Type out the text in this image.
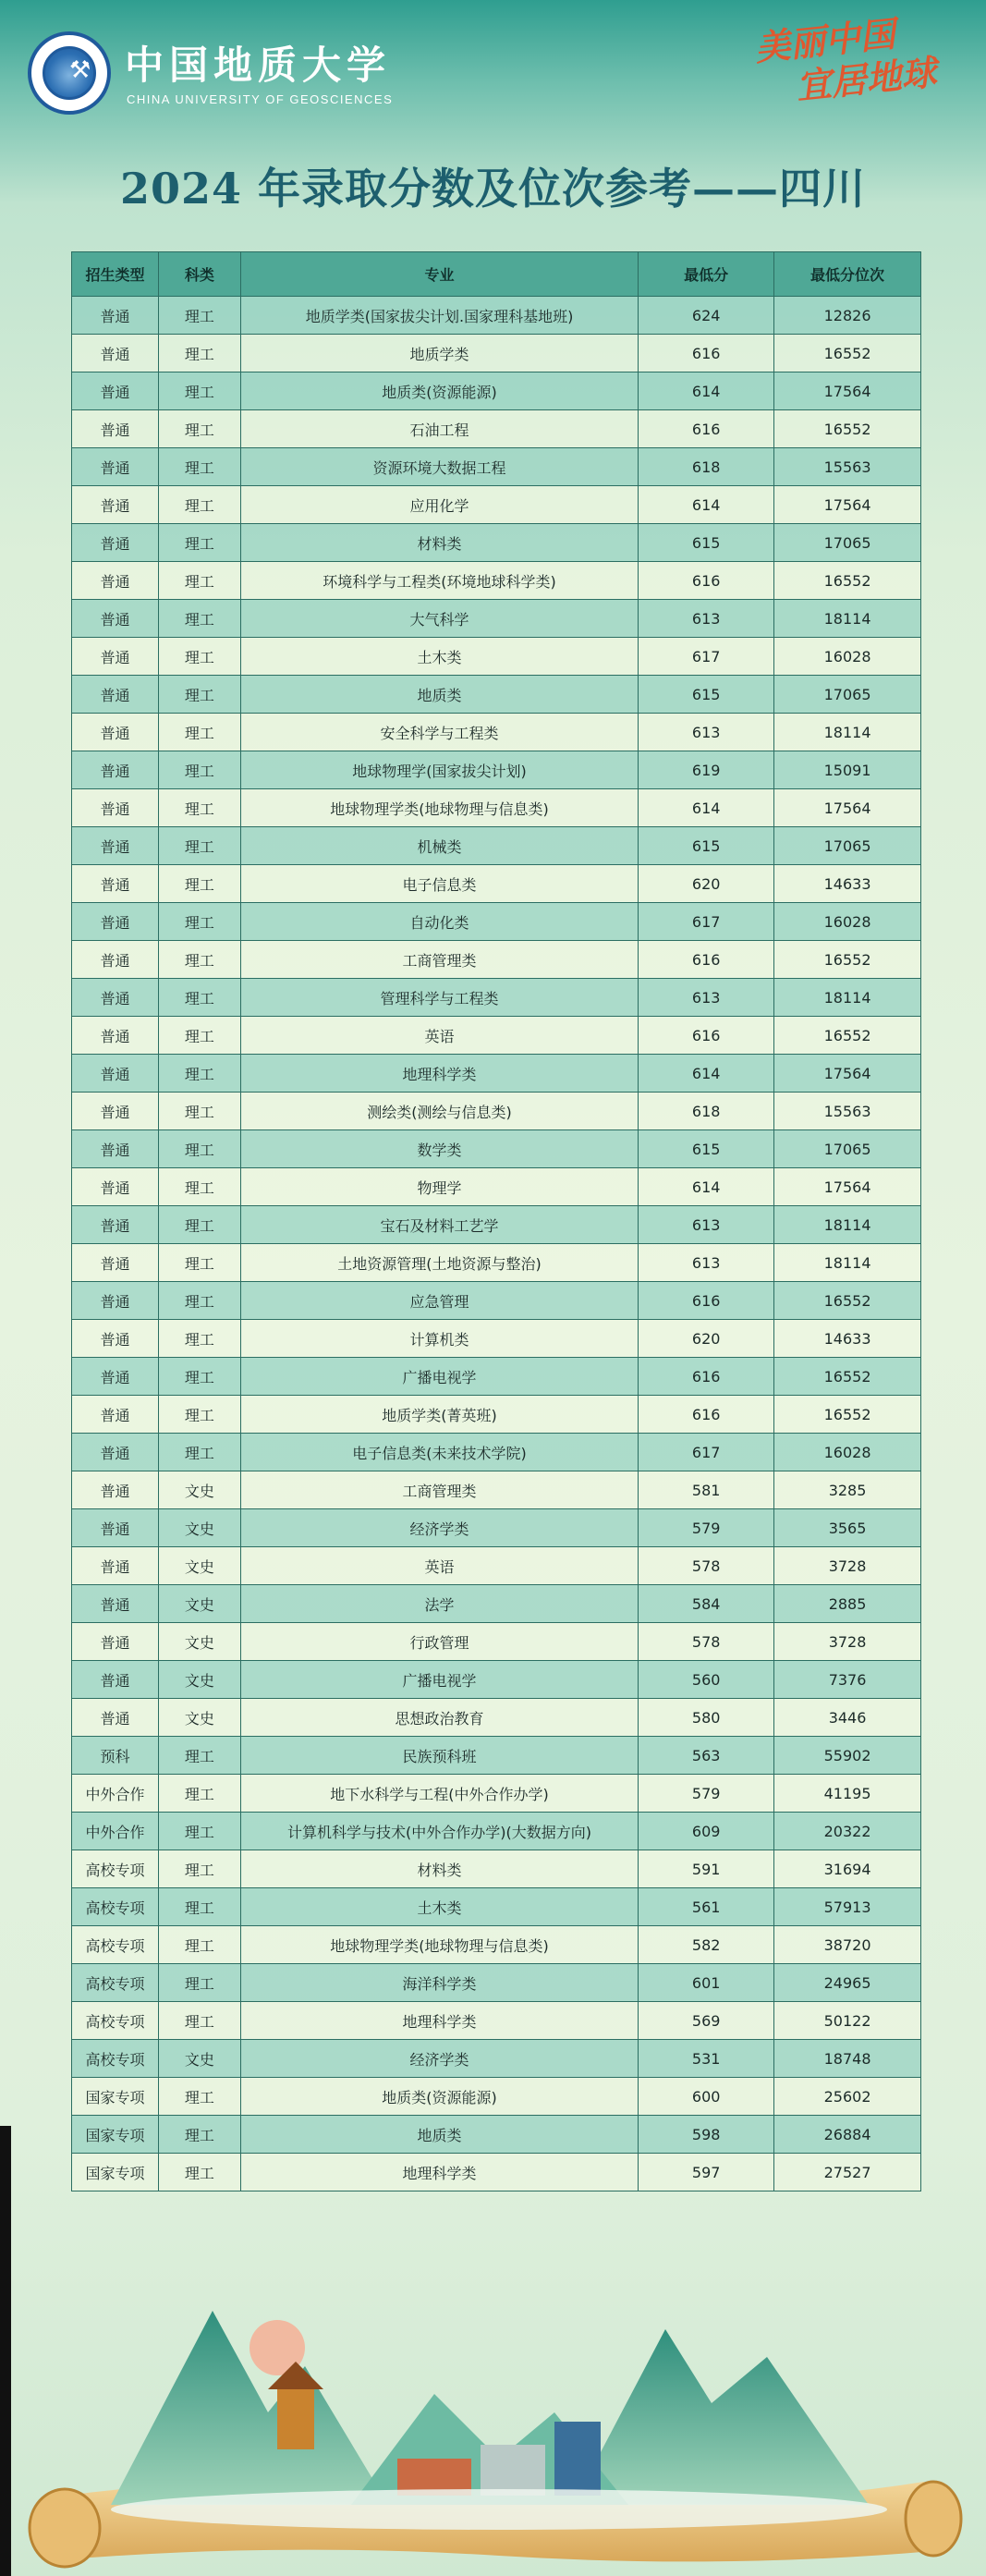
⚒ 中国地质大学
CHINA UNIVERSITY OF GEOSCIENCES
美丽中国
宜居地球
2024 年录取分数及位次参考——四川
招生类型	科类	专业	最低分	最低分位次
普通	理工	地质学类(国家拔尖计划.国家理科基地班)	624	12826
普通	理工	地质学类	616	16552
普通	理工	地质类(资源能源)	614	17564
普通	理工	石油工程	616	16552
普通	理工	资源环境大数据工程	618	15563
普通	理工	应用化学	614	17564
普通	理工	材料类	615	17065
普通	理工	环境科学与工程类(环境地球科学类)	616	16552
普通	理工	大气科学	613	18114
普通	理工	土木类	617	16028
普通	理工	地质类	615	17065
普通	理工	安全科学与工程类	613	18114
普通	理工	地球物理学(国家拔尖计划)	619	15091
普通	理工	地球物理学类(地球物理与信息类)	614	17564
普通	理工	机械类	615	17065
普通	理工	电子信息类	620	14633
普通	理工	自动化类	617	16028
普通	理工	工商管理类	616	16552
普通	理工	管理科学与工程类	613	18114
普通	理工	英语	616	16552
普通	理工	地理科学类	614	17564
普通	理工	测绘类(测绘与信息类)	618	15563
普通	理工	数学类	615	17065
普通	理工	物理学	614	17564
普通	理工	宝石及材料工艺学	613	18114
普通	理工	土地资源管理(土地资源与整治)	613	18114
普通	理工	应急管理	616	16552
普通	理工	计算机类	620	14633
普通	理工	广播电视学	616	16552
普通	理工	地质学类(菁英班)	616	16552
普通	理工	电子信息类(未来技术学院)	617	16028
普通	文史	工商管理类	581	3285
普通	文史	经济学类	579	3565
普通	文史	英语	578	3728
普通	文史	法学	584	2885
普通	文史	行政管理	578	3728
普通	文史	广播电视学	560	7376
普通	文史	思想政治教育	580	3446
预科	理工	民族预科班	563	55902
中外合作	理工	地下水科学与工程(中外合作办学)	579	41195
中外合作	理工	计算机科学与技术(中外合作办学)(大数据方向)	609	20322
高校专项	理工	材料类	591	31694
高校专项	理工	土木类	561	57913
高校专项	理工	地球物理学类(地球物理与信息类)	582	38720
高校专项	理工	海洋科学类	601	24965
高校专项	理工	地理科学类	569	50122
高校专项	文史	经济学类	531	18748
国家专项	理工	地质类(资源能源)	600	25602
国家专项	理工	地质类	598	26884
国家专项	理工	地理科学类	597	27527
